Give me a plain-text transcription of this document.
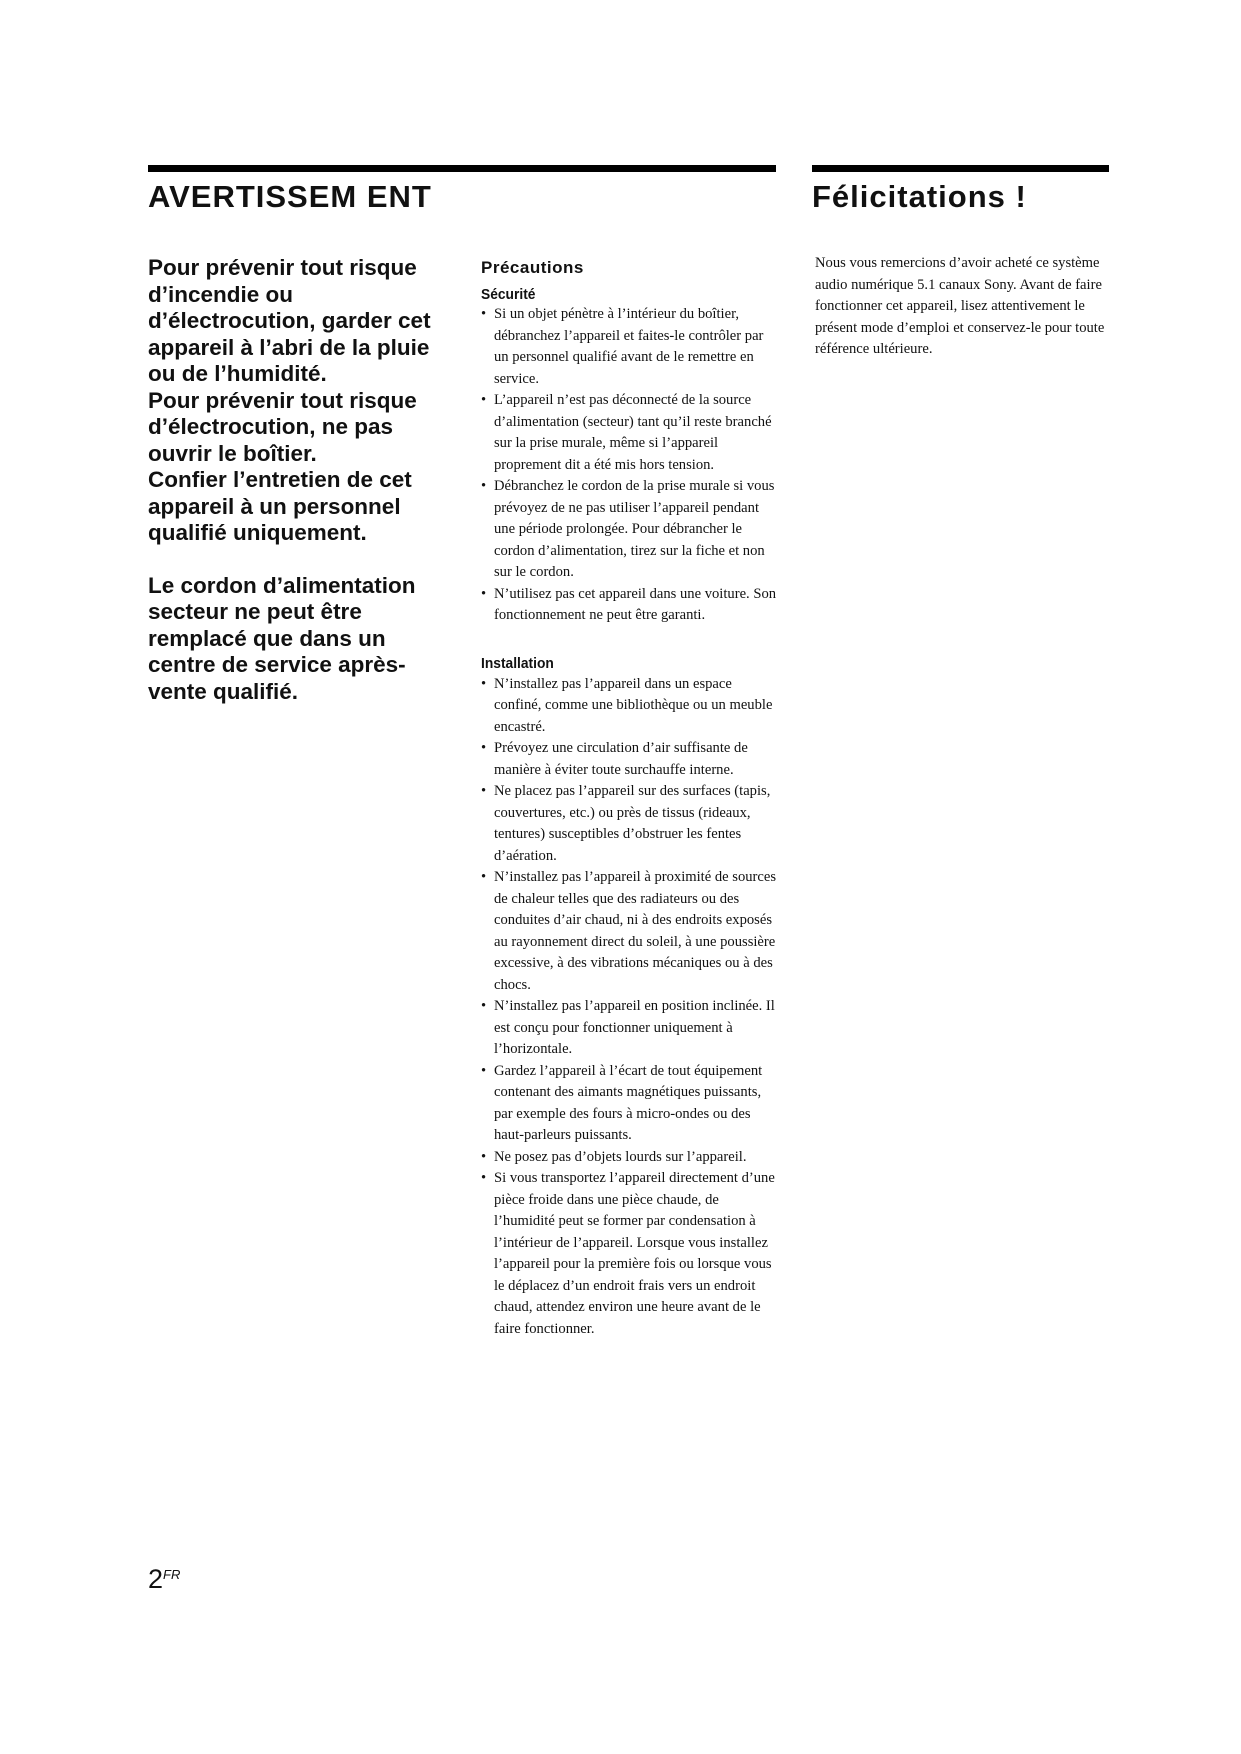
AVERTISSEM ENT	Félicitations !

Pour prévenir tout risque d’incendie ou d’électrocution, garder cet appareil à l’abri de la pluie ou de l’humidité.

Pour prévenir tout risque d’électrocution, ne pas ouvrir le boîtier.

Confier l’entretien de cet appareil à un personnel qualifié uniquement.

Le cordon d’alimentation secteur ne peut être remplacé que dans un centre de service après-vente qualifié.

Précautions
Sécurité
• Si un objet pénètre à l’intérieur du boîtier, débranchez l’appareil et faites-le contrôler par un personnel qualifié avant de le remettre en service.
• L’appareil n’est pas déconnecté de la source d’alimentation (secteur) tant qu’il reste branché sur la prise murale, même si l’appareil proprement dit a été mis hors tension.
• Débranchez le cordon de la prise murale si vous prévoyez de ne pas utiliser l’appareil pendant une période prolongée. Pour débrancher le cordon d’alimentation, tirez sur la fiche et non sur le cordon.
• N’utilisez pas cet appareil dans une voiture. Son fonctionnement ne peut être garanti.
Installation
• N’installez pas l’appareil dans un espace confiné, comme une bibliothèque ou un meuble encastré.
• Prévoyez une circulation d’air suffisante de manière à éviter toute surchauffe interne.
• Ne placez pas l’appareil sur des surfaces (tapis, couvertures, etc.) ou près de tissus (rideaux, tentures) susceptibles d’obstruer les fentes d’aération.
• N’installez pas l’appareil à proximité de sources de chaleur telles que des radiateurs ou des conduites d’air chaud, ni à des endroits exposés au rayonnement direct du soleil, à une poussière excessive, à des vibrations mécaniques ou à des chocs.
• N’installez pas l’appareil en position inclinée. Il est conçu pour fonctionner uniquement à l’horizontale.
• Gardez l’appareil à l’écart de tout équipement contenant des aimants magnétiques puissants, par exemple des fours à micro-ondes ou des haut-parleurs puissants.
• Ne posez pas d’objets lourds sur l’appareil.
• Si vous transportez l’appareil directement d’une pièce froide dans une pièce chaude, de l’humidité peut se former par condensation à l’intérieur de l’appareil. Lorsque vous installez l’appareil pour la première fois ou lorsque vous le déplacez d’un endroit frais vers un endroit chaud, attendez environ une heure avant de le faire fonctionner.

Nous vous remercions d’avoir acheté ce système audio numérique 5.1 canaux Sony. Avant de faire fonctionner cet appareil, lisez attentivement le présent mode d’emploi et conservez-le pour toute référence ultérieure.

$2^{FR}$
